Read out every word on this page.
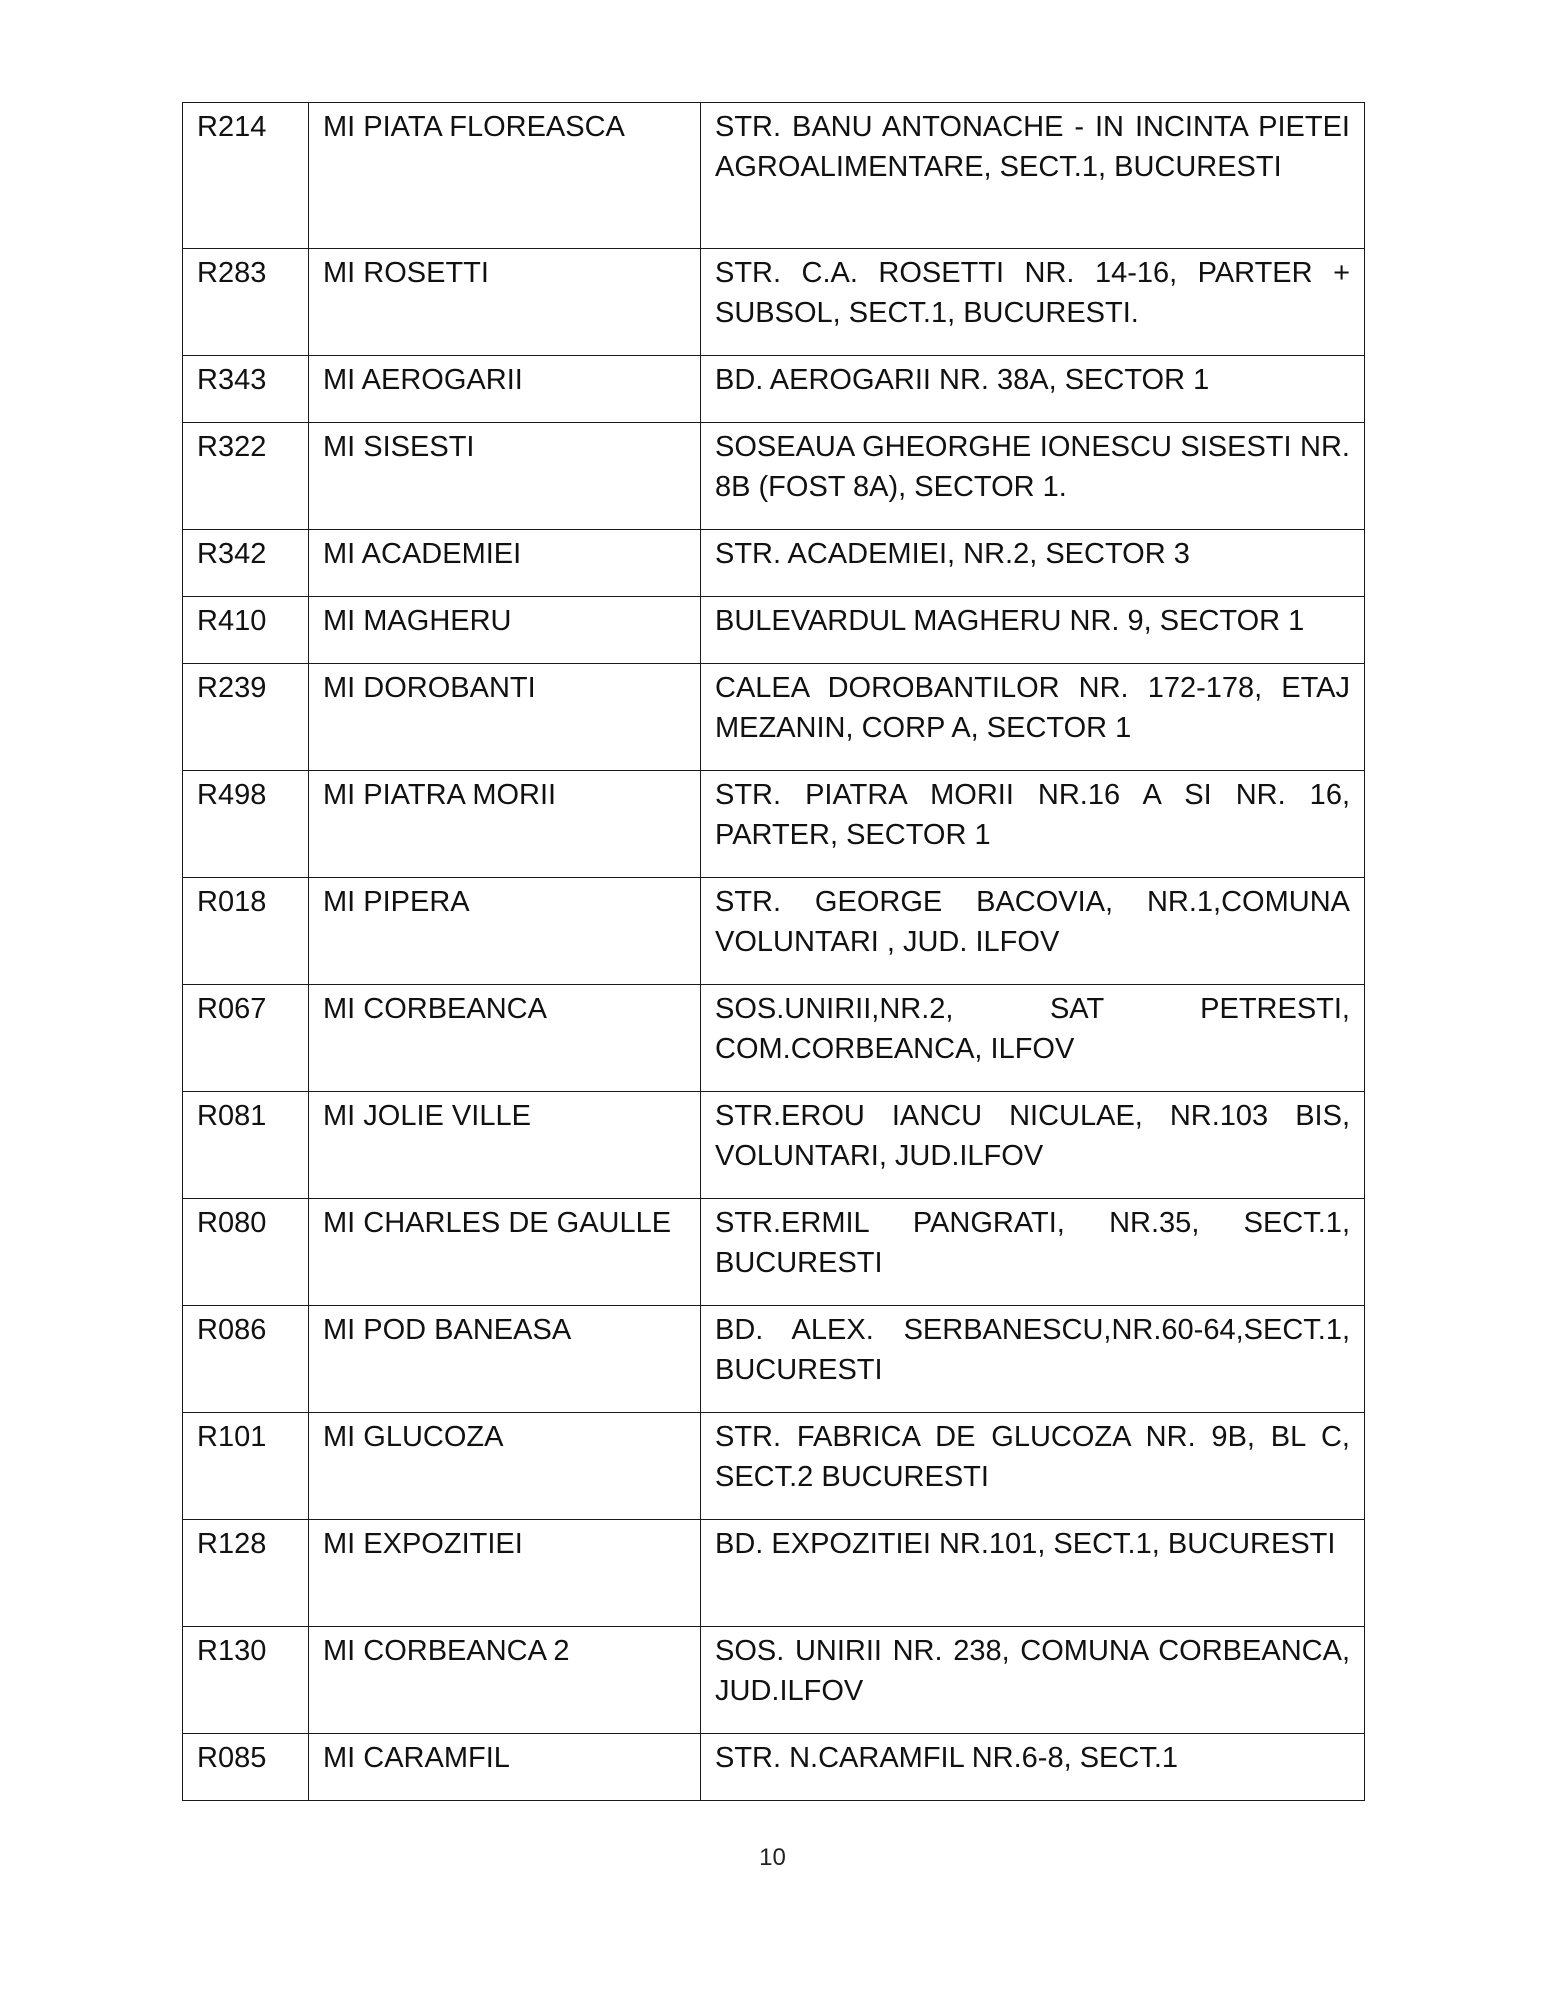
R214	MI PIATA FLOREASCA	STR. BANU ANTONACHE - IN INCINTA PIETEI AGROALIMENTARE, SECT.1, BUCURESTI
R283	MI ROSETTI	STR. C.A. ROSETTI NR. 14-16, PARTER + SUBSOL, SECT.1, BUCURESTI.
R343	MI AEROGARII	BD. AEROGARII NR. 38A, SECTOR 1
R322	MI SISESTI	SOSEAUA GHEORGHE IONESCU SISESTI NR. 8B (FOST 8A), SECTOR 1.
R342	MI ACADEMIEI	STR. ACADEMIEI, NR.2, SECTOR 3
R410	MI MAGHERU	BULEVARDUL MAGHERU NR. 9, SECTOR 1
R239	MI DOROBANTI	CALEA DOROBANTILOR NR. 172-178, ETAJ MEZANIN, CORP A, SECTOR 1
R498	MI PIATRA MORII	STR. PIATRA MORII NR.16 A SI NR. 16, PARTER, SECTOR 1
R018	MI PIPERA	STR. GEORGE BACOVIA, NR.1,COMUNA VOLUNTARI , JUD. ILFOV
R067	MI CORBEANCA	SOS.UNIRII,NR.2, SAT PETRESTI, COM.CORBEANCA, ILFOV
R081	MI JOLIE VILLE	STR.EROU IANCU NICULAE, NR.103 BIS, VOLUNTARI, JUD.ILFOV
R080	MI CHARLES DE GAULLE	STR.ERMIL PANGRATI, NR.35, SECT.1, BUCURESTI
R086	MI POD BANEASA	BD. ALEX. SERBANESCU,NR.60-64,SECT.1, BUCURESTI
R101	MI GLUCOZA	STR. FABRICA DE GLUCOZA NR. 9B, BL C, SECT.2 BUCURESTI
R128	MI EXPOZITIEI	BD. EXPOZITIEI NR.101, SECT.1, BUCURESTI
R130	MI CORBEANCA 2	SOS. UNIRII NR. 238, COMUNA CORBEANCA, JUD.ILFOV
R085	MI CARAMFIL	STR. N.CARAMFIL NR.6-8, SECT.1
10
